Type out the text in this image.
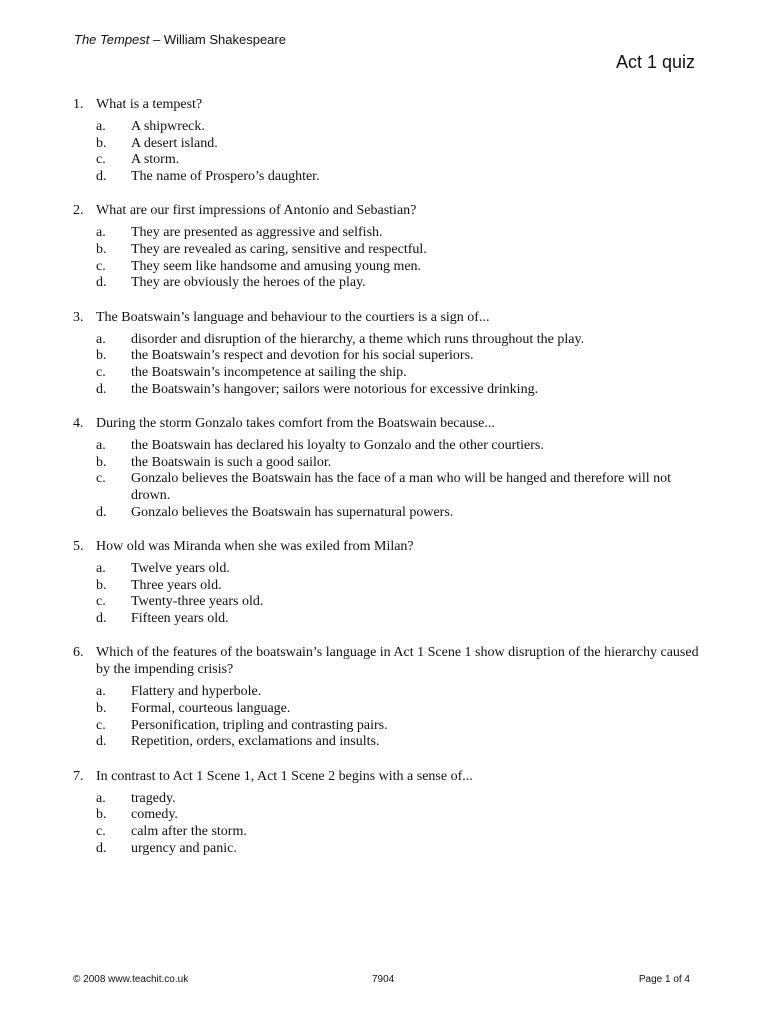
The Tempest – William Shakespeare
Act 1 quiz
1. What is a tempest?
a.	A shipwreck.
b.	A desert island.
c.	A storm.
d.	The name of Prospero’s daughter.
2. What are our first impressions of Antonio and Sebastian?
a.	They are presented as aggressive and selfish.
b.	They are revealed as caring, sensitive and respectful.
c.	They seem like handsome and amusing young men.
d.	They are obviously the heroes of the play.
3. The Boatswain’s language and behaviour to the courtiers is a sign of...
a.	disorder and disruption of the hierarchy, a theme which runs throughout the play.
b.	the Boatswain’s respect and devotion for his social superiors.
c.	the Boatswain’s incompetence at sailing the ship.
d.	the Boatswain’s hangover; sailors were notorious for excessive drinking.
4. During the storm Gonzalo takes comfort from the Boatswain because...
a.	the Boatswain has declared his loyalty to Gonzalo and the other courtiers.
b.	the Boatswain is such a good sailor.
c.	Gonzalo believes the Boatswain has the face of a man who will be hanged and therefore will not drown.
d.	Gonzalo believes the Boatswain has supernatural powers.
5. How old was Miranda when she was exiled from Milan?
a.	Twelve years old.
b.	Three years old.
c.	Twenty-three years old.
d.	Fifteen years old.
6. Which of the features of the boatswain’s language in Act 1 Scene 1 show disruption of the hierarchy caused by the impending crisis?
a.	Flattery and hyperbole.
b.	Formal, courteous language.
c.	Personification, tripling and contrasting pairs.
d.	Repetition, orders, exclamations and insults.
7. In contrast to Act 1 Scene 1, Act 1 Scene 2 begins with a sense of...
a.	tragedy.
b.	comedy.
c.	calm after the storm.
d.	urgency and panic.
© 2008 www.teachit.co.uk	7904	Page 1 of 4
